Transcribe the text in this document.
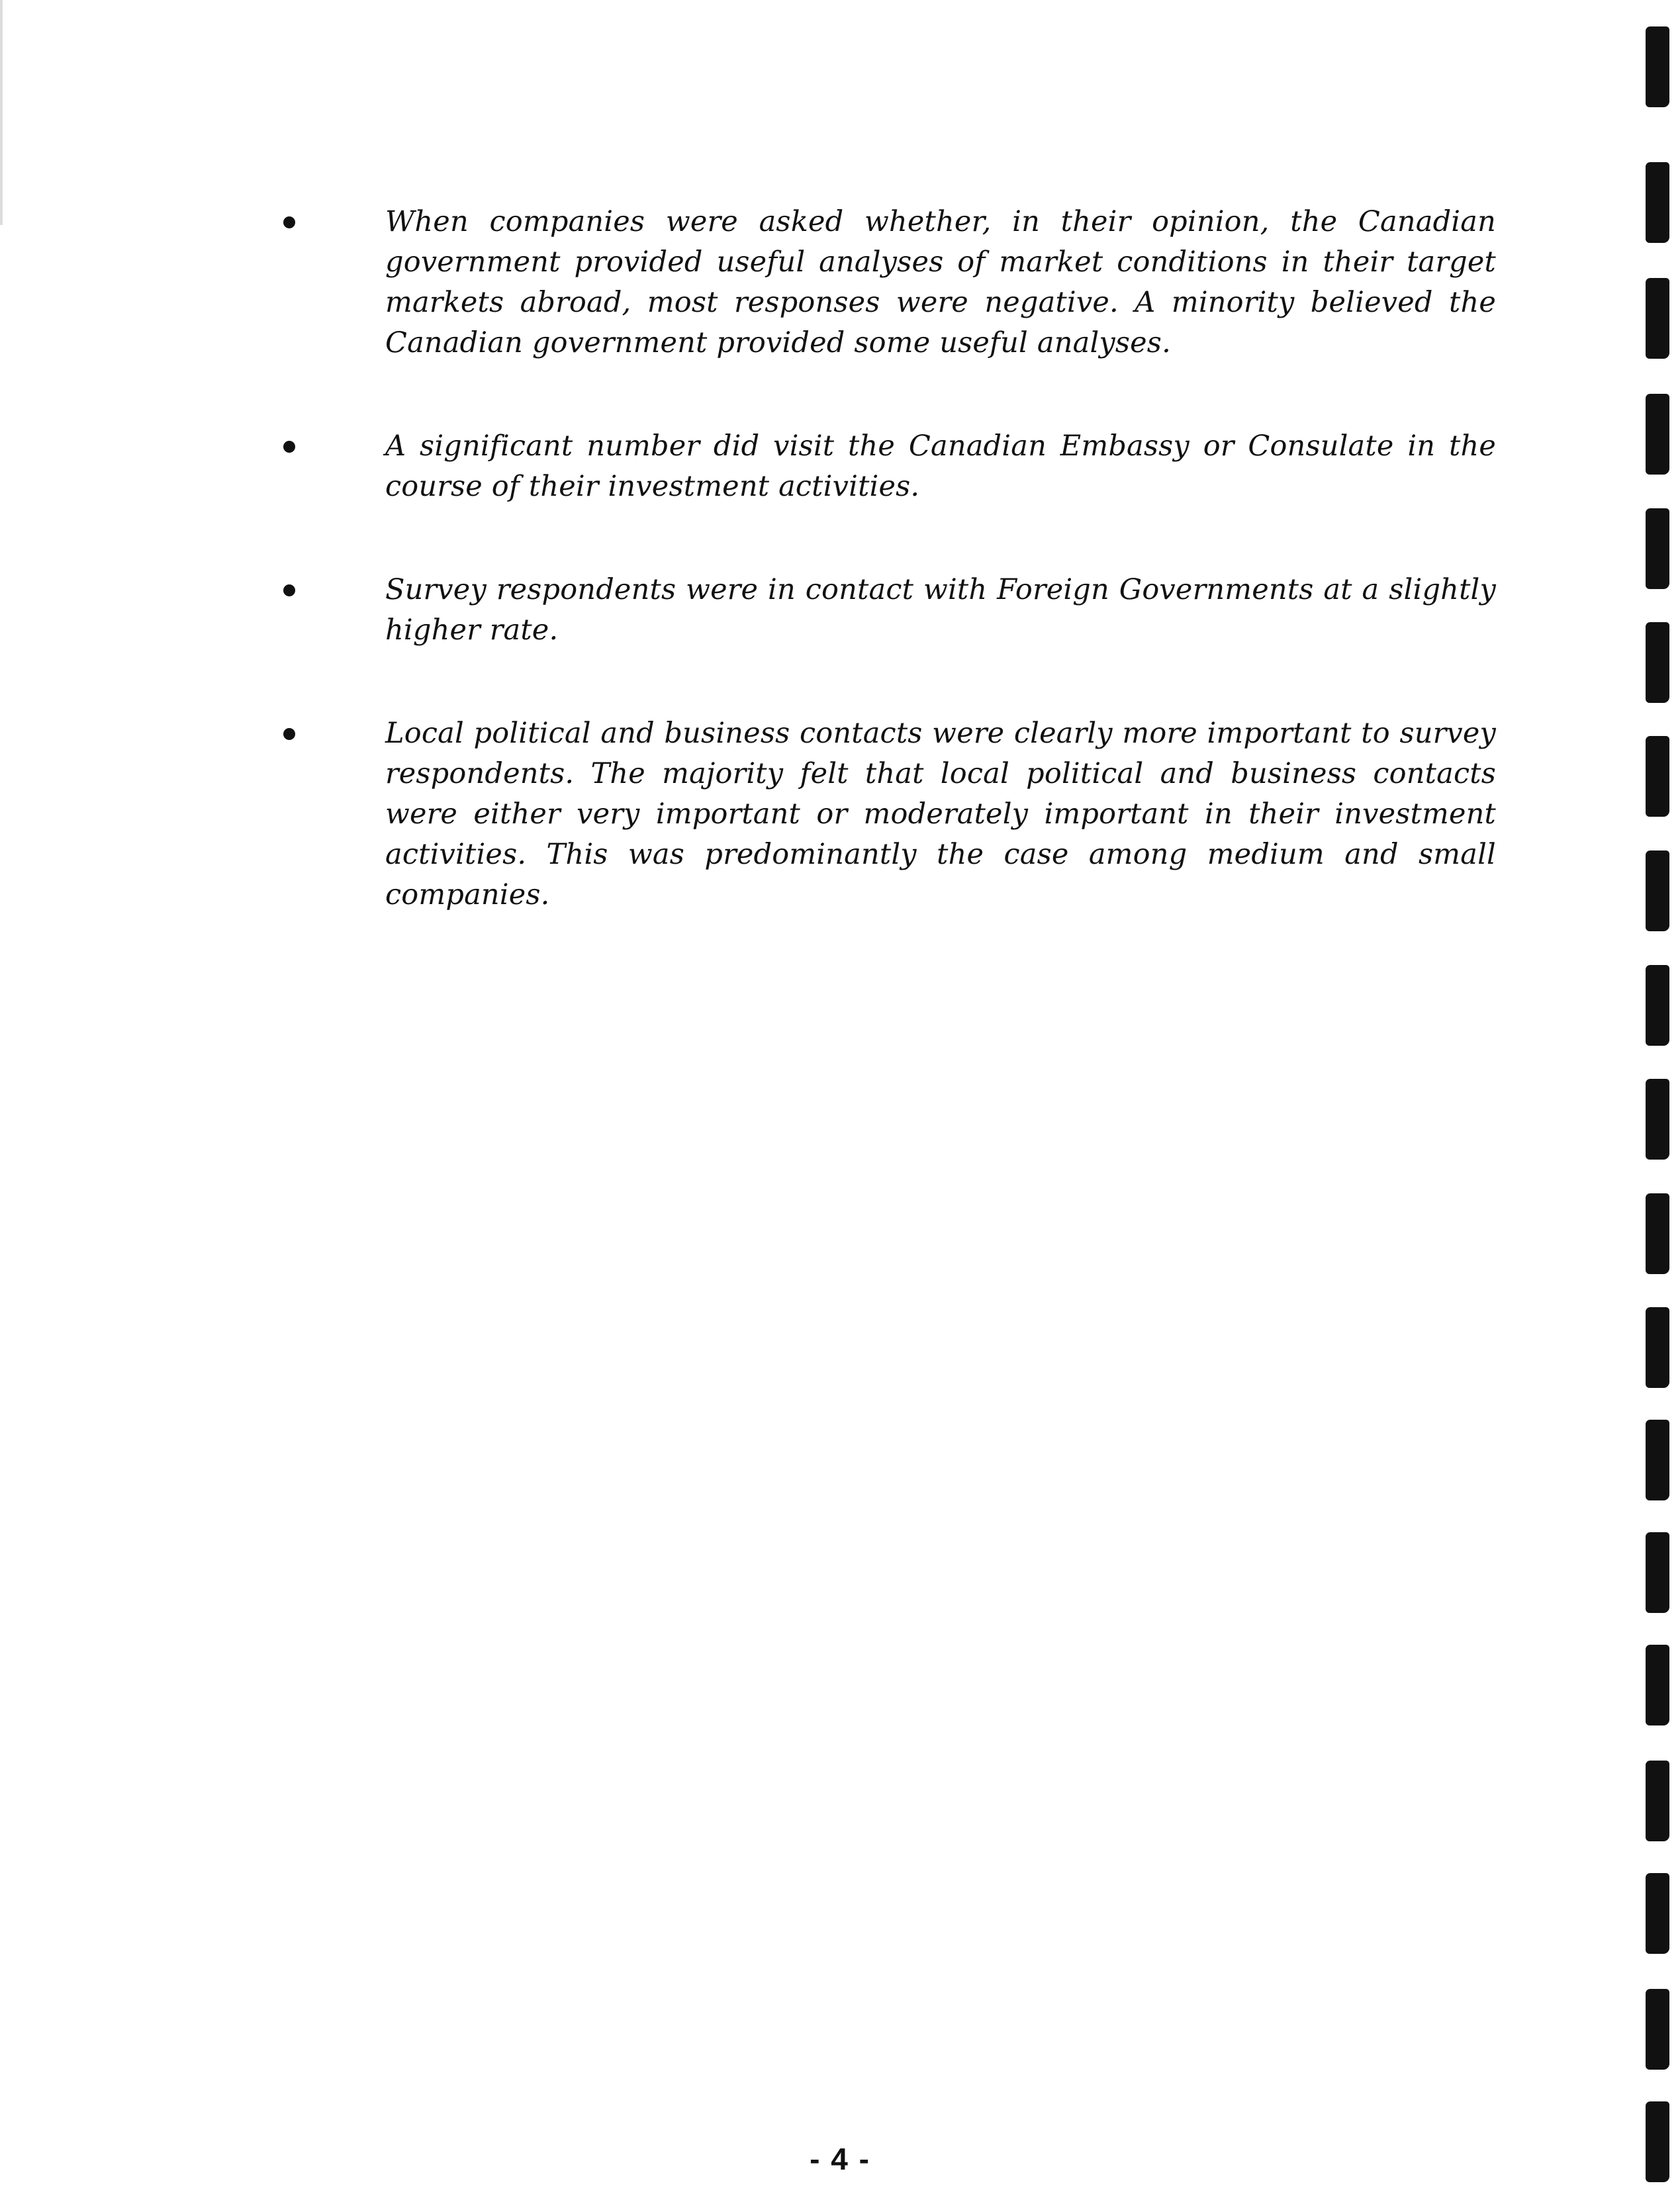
When companies were asked whether, in their opinion, the Canadian government provided useful analyses of market conditions in their target markets abroad, most responses were negative. A minority believed the Canadian government provided some useful analyses.
A significant number did visit the Canadian Embassy or Consulate in the course of their investment activities.
Survey respondents were in contact with Foreign Governments at a slightly higher rate.
Local political and business contacts were clearly more important to survey respondents. The majority felt that local political and business contacts were either very important or moderately important in their investment activities. This was predominantly the case among medium and small companies.
- 4 -
